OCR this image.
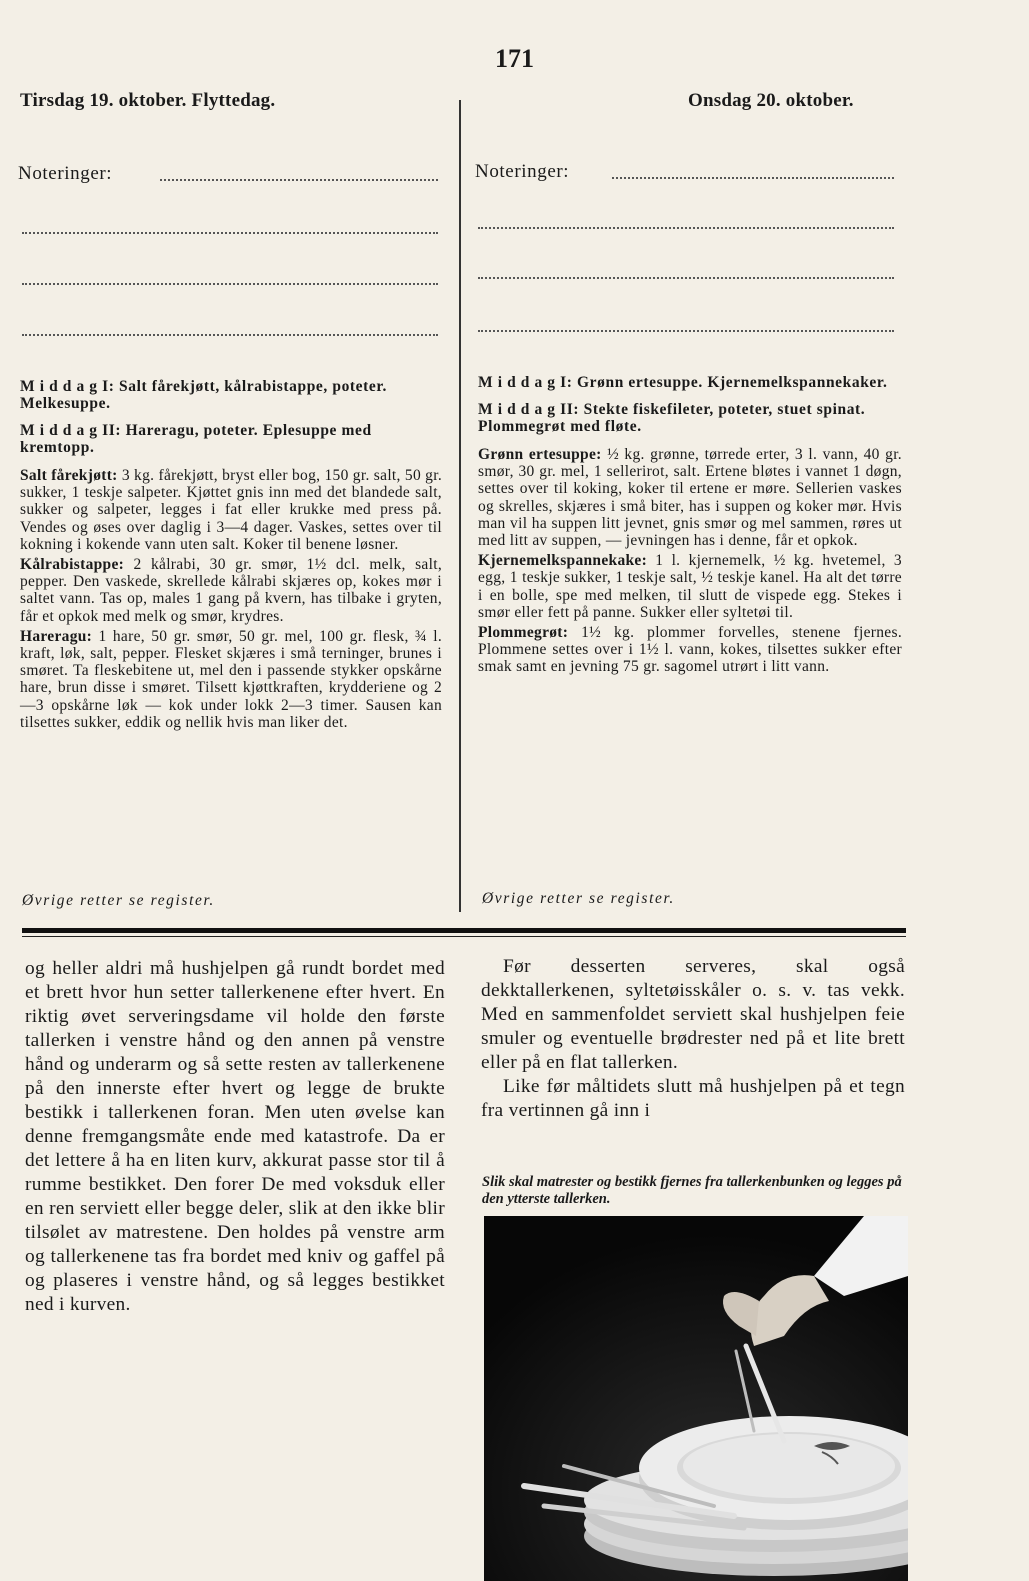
171
Tirsdag 19. oktober. Flyttedag.	Onsdag 20. oktober.
Noteringer:	Noteringer:
M i d d a g I: Salt fårekjøtt, kålrabistappe, poteter. Melkesuppe.
M i d d a g II: Hareragu, poteter. Eplesuppe med kremtopp.

Salt fårekjøtt: 3 kg. fårekjøtt, bryst eller bog, 150 gr. salt, 50 gr. sukker, 1 teskje salpeter. Kjøttet gnis inn med det blandede salt, sukker og salpeter, legges i fat eller krukke med press på. Vendes og øses over daglig i 3—4 dager. Vaskes, settes over til kokning i kokende vann uten salt. Koker til benene løsner.

Kålrabistappe: 2 kålrabi, 30 gr. smør, 1½ dcl. melk, salt, pepper. Den vaskede, skrellede kålrabi skjæres op, kokes mør i saltet vann. Tas op, males 1 gang på kvern, has tilbake i gryten, får et opkok med melk og smør, krydres.

Hareragu: 1 hare, 50 gr. smør, 50 gr. mel, 100 gr. flesk, ¾ l. kraft, løk, salt, pepper. Flesket skjæres i små terninger, brunes i smøret. Ta fleskebitene ut, mel den i passende stykker opskårne hare, brun disse i smøret. Tilsett kjøttkraften, krydderiene og 2—3 opskårne løk — kok under lokk 2—3 timer. Sausen kan tilsettes sukker, eddik og nellik hvis man liker det.

Øvrige retter se register.
M i d d a g I: Grønn ertesuppe. Kjernemelkspannekaker.
M i d d a g II: Stekte fiskefileter, poteter, stuet spinat. Plommegrøt med fløte.

Grønn ertesuppe: ½ kg. grønne, tørrede erter, 3 l. vann, 40 gr. smør, 30 gr. mel, 1 sellerirot, salt. Ertene bløtes i vannet 1 døgn, settes over til koking, koker til ertene er møre. Sellerien vaskes og skrelles, skjæres i små biter, has i suppen og koker mør. Hvis man vil ha suppen litt jevnet, gnis smør og mel sammen, røres ut med litt av suppen, — jevningen has i denne, får et opkok.

Kjernemelkspannekake: 1 l. kjernemelk, ½ kg. hvetemel, 3 egg, 1 teskje sukker, 1 teskje salt, ½ teskje kanel. Ha alt det tørre i en bolle, spe med melken, til slutt de vispede egg. Stekes i smør eller fett på panne. Sukker eller syltetøi til.

Plommegrøt: 1½ kg. plommer forvelles, stenene fjernes. Plommene settes over i 1½ l. vann, kokes, tilsettes sukker efter smak samt en jevning 75 gr. sagomel utrørt i litt vann.

Øvrige retter se register.
og heller aldri må hushjelpen gå rundt bordet med et brett hvor hun setter tallerkenene efter hvert. En riktig øvet serveringsdame vil holde den første tallerken i venstre hånd og den annen på venstre hånd og underarm og så sette resten av tallerkenene på den innerste efter hvert og legge de brukte bestikk i tallerkenen foran. Men uten øvelse kan denne fremgangsmåte ende med katastrofe. Da er det lettere å ha en liten kurv, akkurat passe stor til å rumme bestikket. Den forer De med voksduk eller en ren serviett eller begge deler, slik at den ikke blir tilsølet av matrestene. Den holdes på venstre arm og tallerkenene tas fra bordet med kniv og gaffel på og plaseres i venstre hånd, og så legges bestikket ned i kurven.
Før desserten serveres, skal også dekktallerkenen, syltetøisskåler o. s. v. tas vekk. Med en sammenfoldet serviett skal hushjelpen feie smuler og eventuelle brødrester ned på et lite brett eller på en flat tallerken.
Like før måltidets slutt må hushjelpen på et tegn fra vertinnen gå inn i
Slik skal matrester og bestikk fjernes fra tallerkenbunken og legges på den ytterste tallerken.
